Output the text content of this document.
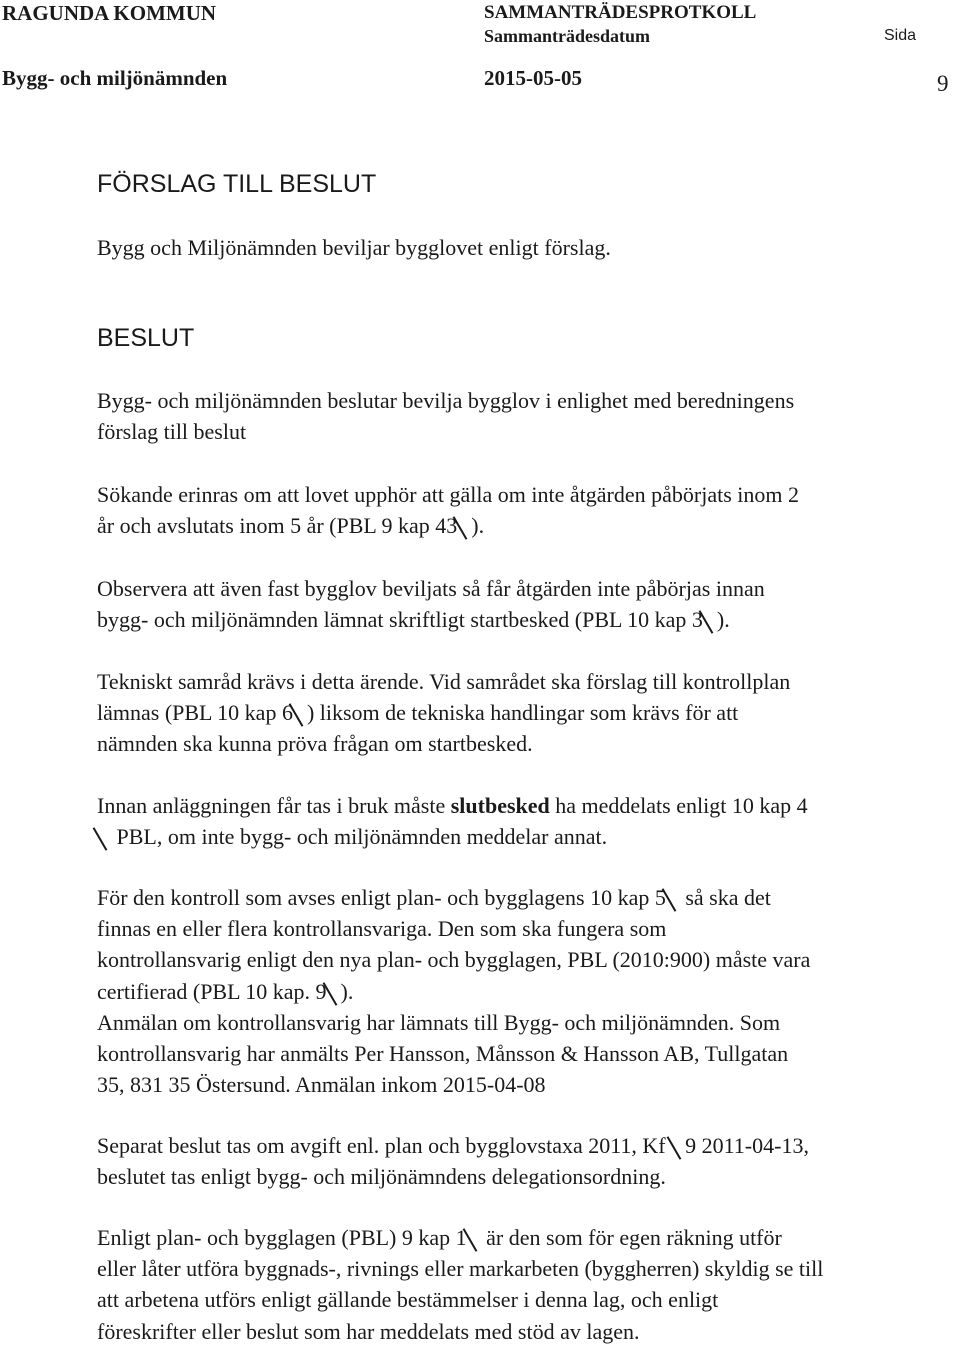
RAGUNDA KOMMUN	SAMMANTRÄDESPROTKOLL
Sammanträdesdatum	Sida
Bygg- och miljönämnden	2015-05-05	9
FÖRSLAG TILL BESLUT

Bygg och Miljönämnden beviljar bygglovet enligt förslag.

BESLUT

Bygg- och miljönämnden beslutar bevilja bygglov i enlighet med beredningens

förslag till beslut

Sökande erinras om att lovet upphör att gälla om inte åtgärden påbörjats inom 2

år och avslutats inom 5 år (PBL 9 kap 43 ).

Observera att även fast bygglov beviljats så får åtgärden inte påbörjas innan

bygg- och miljönämnden lämnat skriftligt startbesked (PBL 10 kap 3 ).

Tekniskt samråd krävs i detta ärende. Vid samrådet ska förslag till kontrollplan

lämnas (PBL 10 kap 6 ) liksom de tekniska handlingar som krävs för att

nämnden ska kunna pröva frågan om startbesked.

Innan anläggningen får tas i bruk måste slutbesked ha meddelats enligt 10 kap 4

PBL, om inte bygg- och miljönämnden meddelar annat.

För den kontroll som avses enligt plan- och bygglagens 10 kap 5 så ska det

finnas en eller flera kontrollansvariga. Den som ska fungera som

kontrollansvarig enligt den nya plan- och bygglagen, PBL (2010:900) måste vara

certifierad (PBL 10 kap. 9 ).

Anmälan om kontrollansvarig har lämnats till Bygg- och miljönämnden. Som

kontrollansvarig har anmälts Per Hansson, Månsson & Hansson AB, Tullgatan

35, 831 35 Östersund. Anmälan inkom 2015-04-08

Separat beslut tas om avgift enl. plan och bygglovstaxa 2011, Kf 9 2011-04-13,

beslutet tas enligt bygg- och miljönämndens delegationsordning.

Enligt plan- och bygglagen (PBL) 9 kap 1 är den som för egen räkning utför

eller låter utföra byggnads-, rivnings eller markarbeten (byggherren) skyldig se till

att arbetena utförs enligt gällande bestämmelser i denna lag, och enligt

föreskrifter eller beslut som har meddelats med stöd av lagen.
